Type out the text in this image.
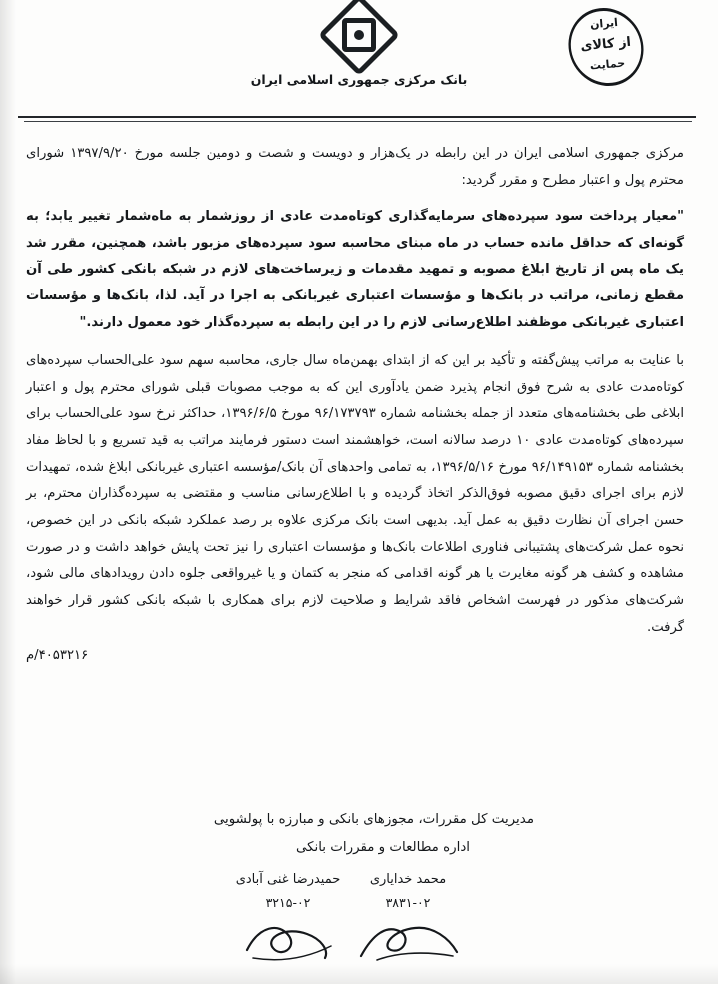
ایران
از کالای
حمایت
بانک مرکزی جمهوری اسلامی ایران

مرکزی جمهوری اسلامی ایران در این رابطه در یک‌هزار و دویست و شصت و دومین جلسه مورخ ۱۳۹۷/۹/۲۰ شورای محترم پول و اعتبار مطرح و مقرر گردید:

"معیار پرداخت سود سپرده‌های سرمایه‌گذاری کوتاه‌مدت عادی از روزشمار به ماه‌شمار تغییر یابد؛ به گونه‌ای که حداقل مانده حساب در ماه مبنای محاسبه سود سپرده‌های مزبور باشد، همچنین، مقرر شد یک ماه پس از تاریخ ابلاغ مصوبه و تمهید مقدمات و زیرساخت‌های لازم در شبکه بانکی کشور طی آن مقطع زمانی، مراتب در بانک‌ها و مؤسسات اعتباری غیربانکی به اجرا در آید. لذا، بانک‌ها و مؤسسات اعتباری غیربانکی موظفند اطلاع‌رسانی لازم را در این رابطه به سپرده‌گذار خود معمول دارند."

با عنایت به مراتب پیش‌گفته و تأکید بر این که از ابتدای بهمن‌ماه سال جاری، محاسبه سهم سود علی‌الحساب سپرده‌های کوتاه‌مدت عادی به شرح فوق انجام پذیرد ضمن یادآوری این که به موجب مصوبات قبلی شورای محترم پول و اعتبار ابلاغی طی بخشنامه‌های متعدد از جمله بخشنامه شماره ۹۶/۱۷۳۷۹۳ مورخ ۱۳۹۶/۶/۵، حداکثر نرخ سود علی‌الحساب برای سپرده‌های کوتاه‌مدت عادی ۱۰ درصد سالانه است، خواهشمند است دستور فرمایند مراتب به قید تسریع و با لحاظ مفاد بخشنامه شماره ۹۶/۱۴۹۱۵۳ مورخ ۱۳۹۶/۵/۱۶، به تمامی واحدهای آن بانک/مؤسسه اعتباری غیربانکی ابلاغ شده، تمهیدات لازم برای اجرای دقیق مصوبه فوق‌الذکر اتخاذ گردیده و با اطلاع‌رسانی مناسب و مقتضی به سپرده‌گذاران محترم، بر حسن اجرای آن نظارت دقیق به عمل آید. بدیهی است بانک مرکزی علاوه بر رصد عملکرد شبکه بانکی در این خصوص، نحوه عمل شرکت‌های پشتیبانی فناوری اطلاعات بانک‌ها و مؤسسات اعتباری را نیز تحت پایش خواهد داشت و در صورت مشاهده و کشف هر گونه مغایرت یا هر گونه اقدامی که منجر به کتمان و یا غیرواقعی جلوه دادن رویدادهای مالی شود، شرکت‌های مذکور در فهرست اشخاص فاقد شرایط و صلاحیت لازم برای همکاری با شبکه بانکی کشور قرار خواهند گرفت.

۴۰۵۳۲۱۶/م

مدیریت کل مقررات، مجوزهای بانکی و مبارزه با پولشویی
اداره مطالعات و مقررات بانکی
محمد خدایاری
۳۸۳۱-۰۲
حمیدرضا غنی آبادی
۳۲۱۵-۰۲
